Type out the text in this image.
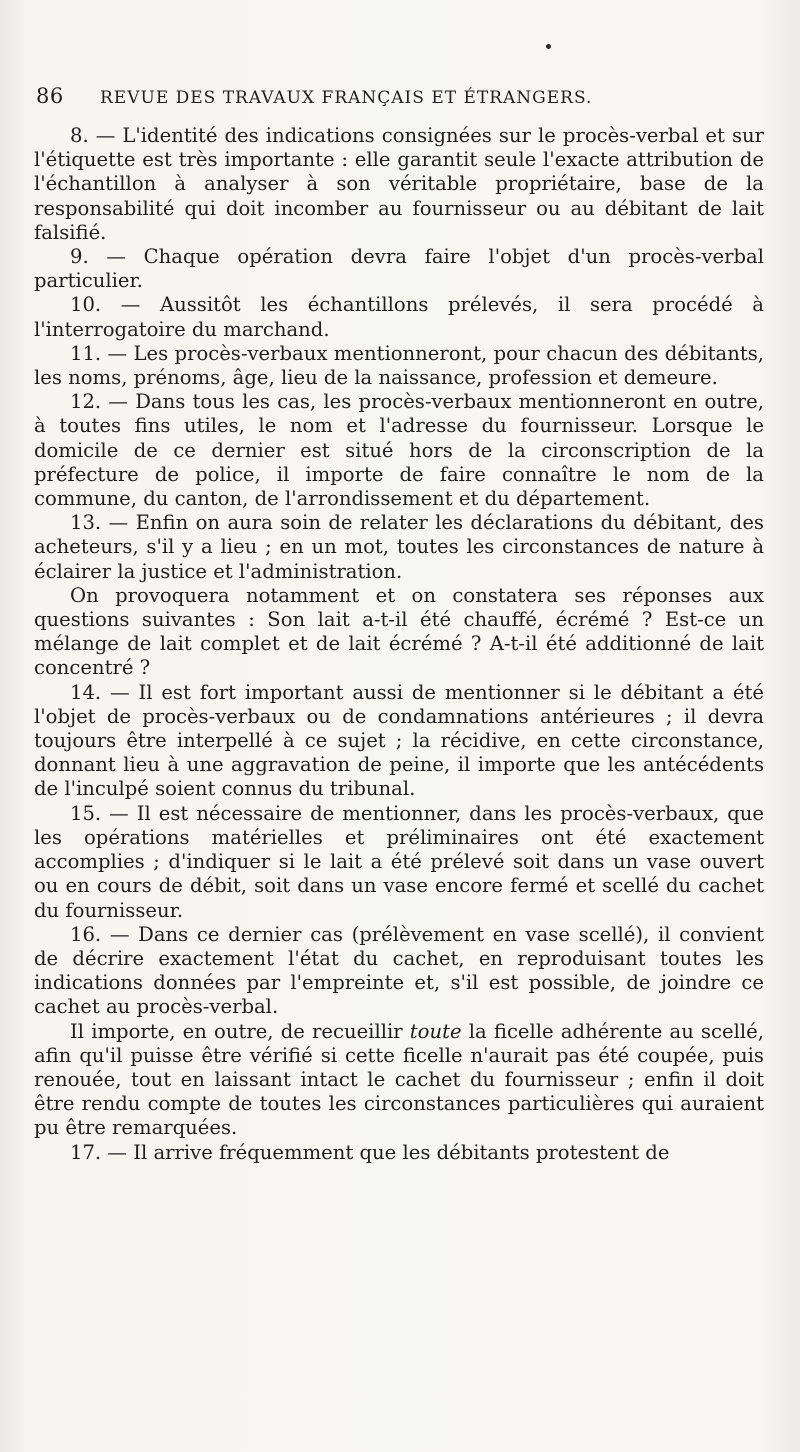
86 REVUE DES TRAVAUX FRANÇAIS ET ÉTRANGERS.

8. — L'identité des indications consignées sur le procès-verbal et sur l'étiquette est très importante : elle garantit seule l'exacte attribution de l'échantillon à analyser à son véritable propriétaire, base de la responsabilité qui doit incomber au fournisseur ou au débitant de lait falsifié.

9. — Chaque opération devra faire l'objet d'un procès-verbal particulier.

10. — Aussitôt les échantillons prélevés, il sera procédé à l'interrogatoire du marchand.

11. — Les procès-verbaux mentionneront, pour chacun des débitants, les noms, prénoms, âge, lieu de la naissance, profession et demeure.

12. — Dans tous les cas, les procès-verbaux mentionneront en outre, à toutes fins utiles, le nom et l'adresse du fournisseur. Lorsque le domicile de ce dernier est situé hors de la circonscription de la préfecture de police, il importe de faire connaître le nom de la commune, du canton, de l'arrondissement et du département.

13. — Enfin on aura soin de relater les déclarations du débitant, des acheteurs, s'il y a lieu ; en un mot, toutes les circonstances de nature à éclairer la justice et l'administration.

On provoquera notamment et on constatera ses réponses aux questions suivantes : Son lait a-t-il été chauffé, écrémé ? Est-ce un mélange de lait complet et de lait écrémé ? A-t-il été additionné de lait concentré ?

14. — Il est fort important aussi de mentionner si le débitant a été l'objet de procès-verbaux ou de condamnations antérieures ; il devra toujours être interpellé à ce sujet ; la récidive, en cette circonstance, donnant lieu à une aggravation de peine, il importe que les antécédents de l'inculpé soient connus du tribunal.

15. — Il est nécessaire de mentionner, dans les procès-verbaux, que les opérations matérielles et préliminaires ont été exactement accomplies ; d'indiquer si le lait a été prélevé soit dans un vase ouvert ou en cours de débit, soit dans un vase encore fermé et scellé du cachet du fournisseur.

16. — Dans ce dernier cas (prélèvement en vase scellé), il convient de décrire exactement l'état du cachet, en reproduisant toutes les indications données par l'empreinte et, s'il est possible, de joindre ce cachet au procès-verbal.

Il importe, en outre, de recueillir toute la ficelle adhérente au scellé, afin qu'il puisse être vérifié si cette ficelle n'aurait pas été coupée, puis renouée, tout en laissant intact le cachet du fournisseur ; enfin il doit être rendu compte de toutes les circonstances particulières qui auraient pu être remarquées.

17. — Il arrive fréquemment que les débitants protestent de
